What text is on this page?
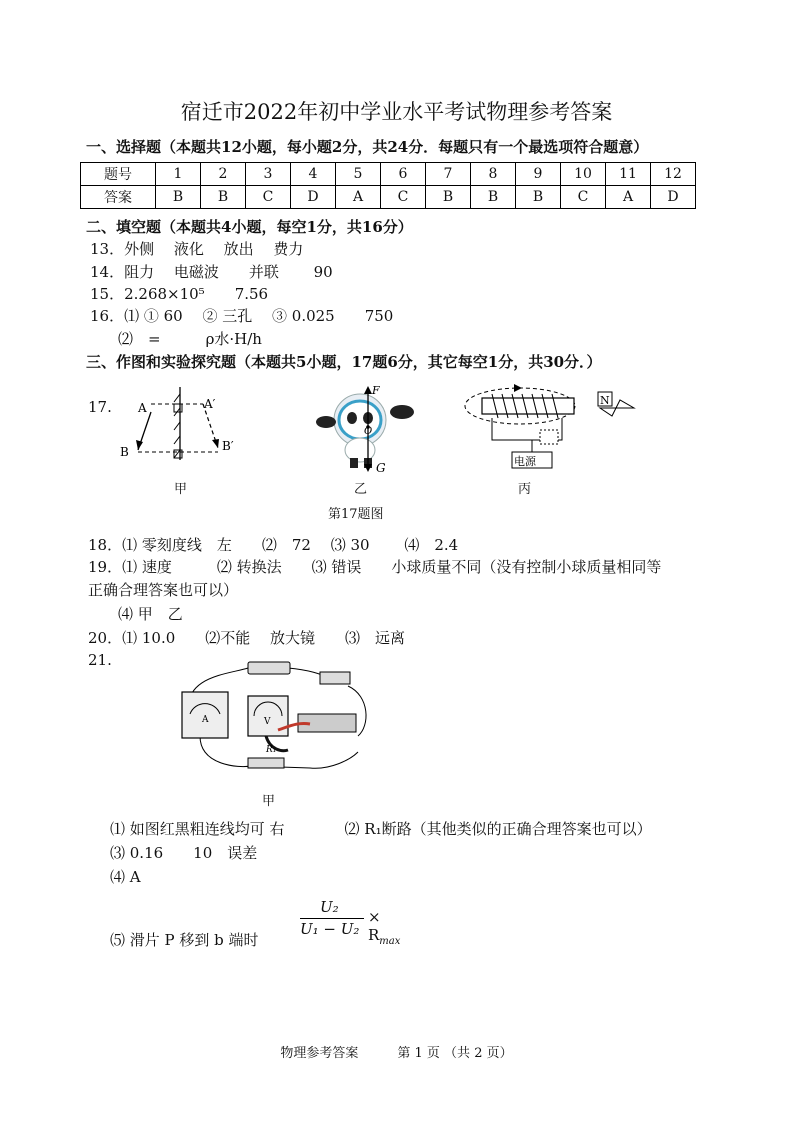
宿迁市2022年初中学业水平考试物理参考答案
一、选择题（本题共12小题，每小题2分，共24分．每题只有一个最选项符合题意）
题号	1	2	3	4	5	6	7	8	9	10	11	12
答案	B	B	C	D	A	C	B	B	B	C	A	D
二、填空题（本题共4小题，每空1分，共16分）
13．外侧　 液化　 放出　 费力
14．阻力　 电磁波　　并联　　 90
15．2.268×10⁵　　7.56
16．⑴ ① 60　 ② 三孔　 ③ 0.025　　750
⑵　=　　　ρ水·H/h
三、作图和实验探究题（本题共5小题，17题6分，其它每空1分，共30分．）
17. A	A′
B	B′
甲
F
O
G
乙
电源
N
丙
第17题图
18．⑴ 零刻度线　左　　⑵　72　 ⑶ 30　　 ⑷　2.4
19．⑴ 速度　　　⑵ 转换法　　⑶ 错误　　小球质量不同（没有控制小球质量相同等
正确合理答案也可以）
⑷ 甲　乙
20．⑴ 10.0　　⑵不能　 放大镜　　⑶　远离
21.
A	V
R₁
甲
⑴ 如图红黑粗连线均可 右　　　　⑵ R₁断路（其他类似的正确合理答案也可以）
⑶ 0.16　　10　误差
⑷ A
⑸ 滑片 P 移到 b 端时
U₂
U₁ − U₂
× $R_{max}$
物理参考答案　　　第 1 页 （共 2 页）
